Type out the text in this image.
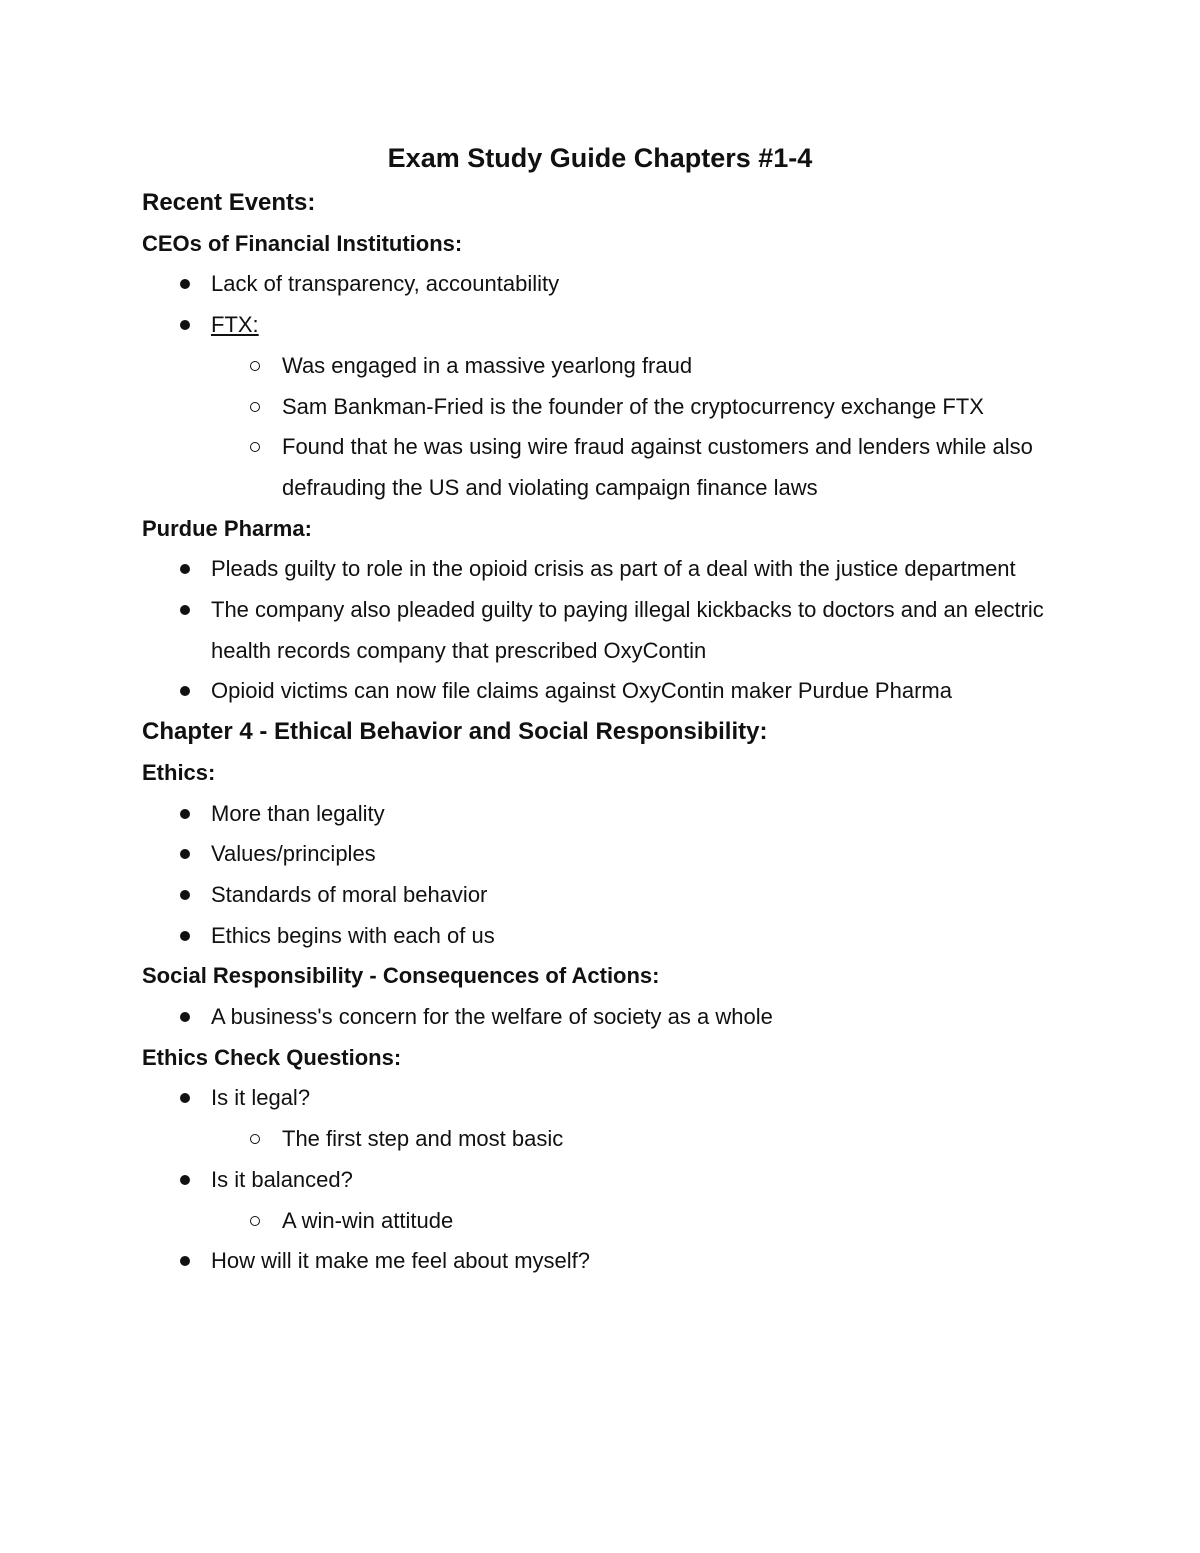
Exam Study Guide Chapters #1-4
Recent Events:
CEOs of Financial Institutions:
Lack of transparency, accountability
FTX:
Was engaged in a massive yearlong fraud
Sam Bankman-Fried is the founder of the cryptocurrency exchange FTX
Found that he was using wire fraud against customers and lenders while also defrauding the US and violating campaign finance laws
Purdue Pharma:
Pleads guilty to role in the opioid crisis as part of a deal with the justice department
The company also pleaded guilty to paying illegal kickbacks to doctors and an electric health records company that prescribed OxyContin
Opioid victims can now file claims against OxyContin maker Purdue Pharma
Chapter 4 - Ethical Behavior and Social Responsibility:
Ethics:
More than legality
Values/principles
Standards of moral behavior
Ethics begins with each of us
Social Responsibility - Consequences of Actions:
A business's concern for the welfare of society as a whole
Ethics Check Questions:
Is it legal?
The first step and most basic
Is it balanced?
A win-win attitude
How will it make me feel about myself?
